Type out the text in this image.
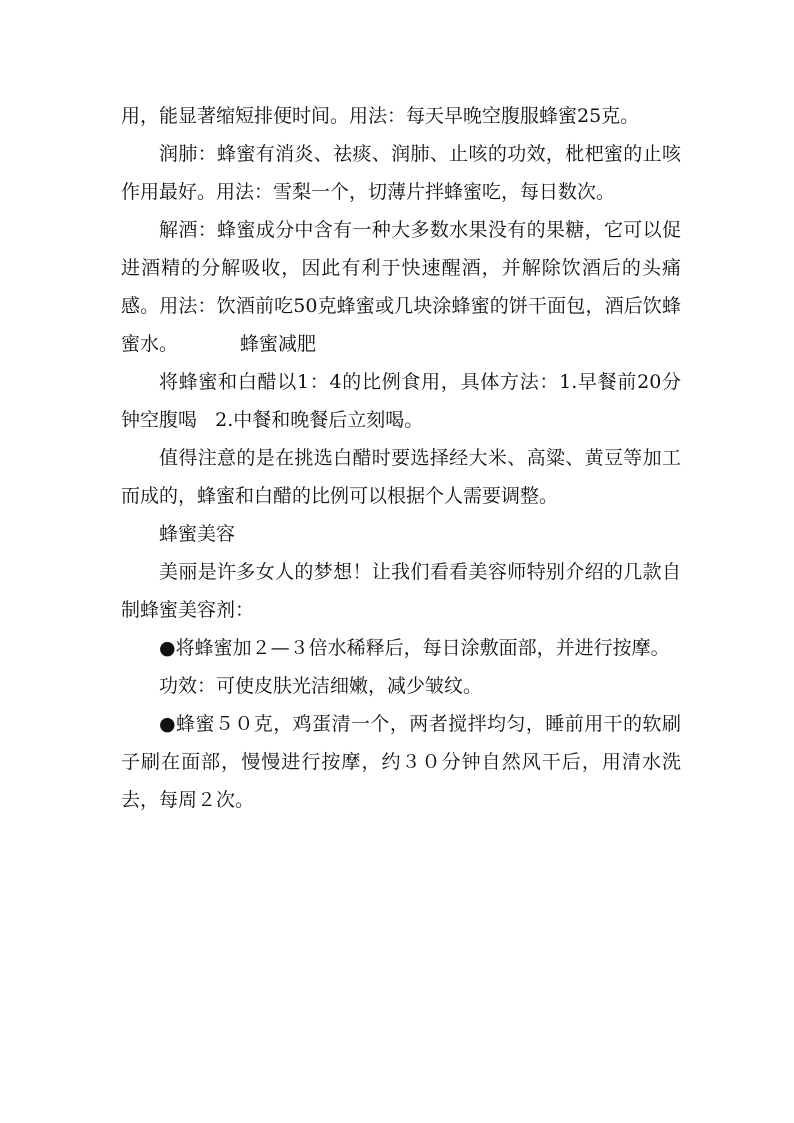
用，能显著缩短排便时间。用法：每天早晚空腹服蜂蜜25克。

润肺：蜂蜜有消炎、祛痰、润肺、止咳的功效，枇杷蜜的止咳作用最好。用法：雪梨一个，切薄片拌蜂蜜吃，每日数次。

解酒：蜂蜜成分中含有一种大多数水果没有的果糖，它可以促进酒精的分解吸收，因此有利于快速醒酒，并解除饮酒后的头痛感。用法：饮酒前吃50克蜂蜜或几块涂蜂蜜的饼干面包，酒后饮蜂蜜水。	蜂蜜减肥

将蜂蜜和白醋以1：4的比例食用，具体方法：1.早餐前20分钟空腹喝 2.中餐和晚餐后立刻喝。

值得注意的是在挑选白醋时要选择经大米、高粱、黄豆等加工而成的，蜂蜜和白醋的比例可以根据个人需要调整。

蜂蜜美容

美丽是许多女人的梦想！让我们看看美容师特别介绍的几款自制蜂蜜美容剂：

●将蜂蜜加２—３倍水稀释后，每日涂敷面部，并进行按摩。

功效：可使皮肤光洁细嫩，减少皱纹。

●蜂蜜５０克，鸡蛋清一个，两者搅拌均匀，睡前用干的软刷子刷在面部，慢慢进行按摩，约３０分钟自然风干后，用清水洗去，每周２次。
